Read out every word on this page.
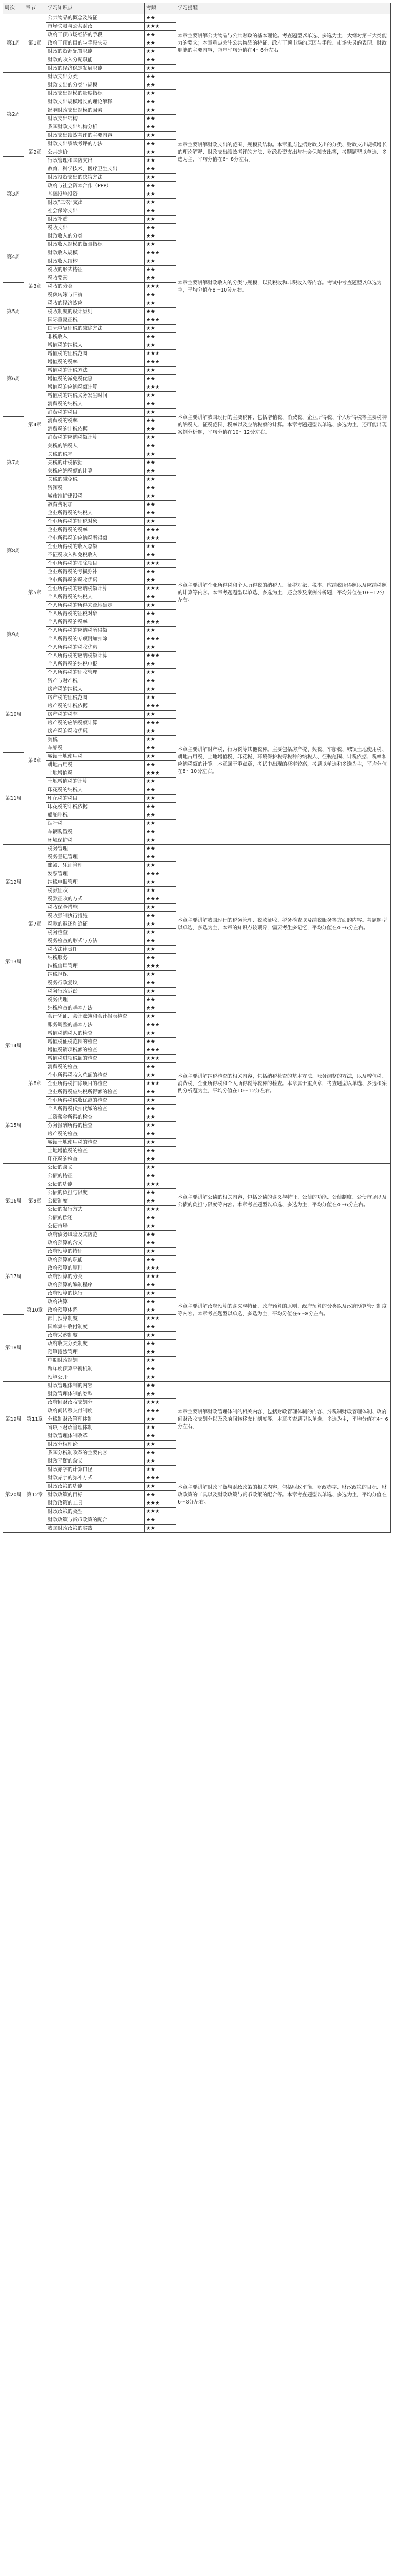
周次	章节	学习知识点	考频	学习提醒
第1周	第1章	公共物品的概念及特征	★★	本章主要讲解公共物品与公共财政的基本理论。考查题型以单选、多选为主，大纲对第三大类能力的要求；本章重点关注公共物品的特征、政府干预市场的原因与手段、市场失灵的表现、财政职能的主要内容，每年平均分值在4～6分左右。
		市场失灵与公共财政	★★★	
		政府干预市场经济的手段	★★	
		政府干预的目的与手段失灵	★★	
		财政的资源配置职能	★★	
		财政的收入分配职能	★★	
		财政的经济稳定发展职能	★★	
第2周	第2章	财政支出分类	★★	本章主要讲解财政支出的范围、规模及结构。本章重点包括财政支出的分类、财政支出规模增长的理论解释、财政支出绩效考评的方法、财政投资支出与社会保障支出等，考题题型以单选、多选为主，平均分值在6～8分左右。
		财政支出的分类与规模	★★	
		财政支出规模的量度指标	★★	
		财政支出规模增长的理论解释	★★	
		影响财政支出规模的因素	★★	
		财政支出结构	★★	
		我国财政支出结构分析	★★	
		财政支出绩效考评的主要内容	★★	
		财政支出绩效考评的方法	★★	
		公共定价	★★	
第3周		行政管理和国防支出	★★	
		教育、科学技术、医疗卫生支出	★★	
		财政投资支出的决策方法	★★	
		政府与社会资本合作（PPP）	★★	
		基础设施投资	★★	
		财政“三农”支出	★★	
		社会保障支出	★★	
		财政补贴	★★	
		税收支出	★★	
第4周	第3章	财政收入的分类	★★	本章主要讲解财政收入的分类与规模，以及税收和非税收入等内容。考试中考查题型以单选为主，平均分值在8～10分左右。
		财政收入规模的衡量指标	★★	
		财政收入规模	★★★	
		财政收入结构	★★	
		税收的形式特征	★★	
		税收要素	★★	
第5周		税收的分类	★★★	
		税负转嫁与归宿	★★	
		税收的经济效应	★★	
		税收制度的设计原则	★★	
		国际重复征税	★★★	
		国际重复征税的减除方法	★★	
		非税收入	★★	
第6周	第4章	增值税的纳税人	★★	本章主要讲解我国现行的主要税种，包括增值税、消费税、企业所得税、个人所得税等主要税种的纳税人、征税范围、税率以及应纳税额的计算。本章考题题型以单选、多选为主，还可能出现案例分析题，平均分值在10～12分左右。
		增值税的征税范围	★★★	
		增值税的税率	★★★	
		增值税的计税方法	★★	
		增值税的减免税优惠	★★	
		增值税的应纳税额计算	★★★	
		增值税的纳税义务发生时间	★★	
		消费税的纳税人	★★	
		消费税的税目	★★	
第7周		消费税的税率	★★	
		消费税的计税依据	★★	
		消费税的应纳税额计算	★★	
		关税的纳税人	★★	
		关税的税率	★★	
		关税的计税依据	★★	
		关税应纳税额的计算	★★	
		关税的减免税	★★	
		资源税	★★	
		城市维护建设税	★★	
		教育费附加	★★	
第8周	第5章	企业所得税的纳税人	★★	本章主要讲解企业所得税和个人所得税的纳税人、征税对象、税率、应纳税所得额以及应纳税额的计算等内容。本章考题题型以单选、多选为主，还会涉及案例分析题，平均分值在10～12分左右。
		企业所得税的征税对象	★★	
		企业所得税的税率	★★★	
		企业所得税的应纳税所得额	★★★	
		企业所得税的收入总额	★★	
		不征税收入和免税收入	★★	
		企业所得税的扣除项目	★★★	
		企业所得税的亏损弥补	★★	
		企业所得税的税收优惠	★★	
		企业所得税的应纳税额计算	★★★	
第9周		个人所得税的纳税人	★★	
		个人所得税的所得来源地确定	★★	
		个人所得税的征税对象	★★	
		个人所得税的税率	★★★	
		个人所得税的应纳税所得额	★★	
		个人所得税的专项附加扣除	★★★	
		个人所得税的税收优惠	★★	
		个人所得税的应纳税额计算	★★★	
		个人所得税的纳税申报	★★	
		个人所得税的征收管理	★★	
第10周	第6章	资产与财产税	★★	本章主要讲解财产税、行为税等其他税种。主要包括房产税、契税、车船税、城镇土地使用税、耕地占用税、土地增值税、印花税、环境保护税等税种的纳税人、征税范围、计税依据、税率和应纳税额的计算。本章属于重点章，考试中出现的概率较高，考题以单选和多选为主，平均分值在8～10分左右。
		房产税的纳税人	★★	
		房产税的征税范围	★★	
		房产税的计税依据	★★★	
		房产税的税率	★★	
		房产税的应纳税额计算	★★★	
		房产税的税收优惠	★★	
		契税	★★	
		车船税	★★	
第11周		城镇土地使用税	★★	
		耕地占用税	★★	
		土地增值税	★★★	
		土地增值税的计算	★★	
		印花税的纳税人	★★	
		印花税的税目	★★	
		印花税的计税依据	★★	
		船舶吨税	★★	
		烟叶税	★★	
		车辆购置税	★★	
		环境保护税	★★	
第12周	第7章	税务管理	★★	本章主要讲解我国现行的税务管理、税款征收、税务检查以及纳税服务等方面的内容。考题题型以单选、多选为主，本章的知识点较琐碎，需要考生多记忆，平均分值在4～6分左右。
		税务登记管理	★★	
		账簿、凭证管理	★★	
		发票管理	★★★	
		纳税申报管理	★★	
		税款征收	★★	
		税款征收的方式	★★★	
		税收保全措施	★★	
		税收强制执行措施	★★	
第13周		税款的退还和追征	★★	
		税务检查	★★	
		税务检查的形式与方法	★★	
		税收法律责任	★★	
		纳税服务	★★	
		纳税信用管理	★★★	
		纳税担保	★★	
		税务行政复议	★★	
		税务行政诉讼	★★	
		税务代理	★★	
第14周	第8章	纳税检查的基本方法	★★	本章主要讲解纳税检查的相关内容，包括纳税检查的基本方法、账务调整的方法，以及增值税、消费税、企业所得税和个人所得税等税种的检查。本章属于重点章，考查题型以单选、多选和案例分析题为主，平均分值在10～12分左右。
		会计凭证、会计账簿和会计报表检查	★★	
		账务调整的基本方法	★★★	
		增值税纳税人的检查	★★	
		增值税征税范围的检查	★★	
		增值税销项税额的检查	★★★	
		增值税进项税额的检查	★★★	
		消费税的检查	★★	
		企业所得税收入总额的检查	★★	
		企业所得税扣除项目的检查	★★★	
第15周		企业所得税应纳税所得额的检查	★★	
		企业所得税税收优惠的检查	★★	
		个人所得税代扣代缴的检查	★★	
		工资薪金所得的检查	★★	
		劳务报酬所得的检查	★★	
		房产税的检查	★★	
		城镇土地使用税的检查	★★	
		土地增值税的检查	★★	
		印花税的检查	★★	
第16周	第9章	公债的含义	★★	本章主要讲解公债的相关内容，包括公债的含义与特征、公债的功能、公债制度、公债市场以及公债的负担与限度等内容。本章考查题型以单选、多选为主，平均分值在4～6分左右。
		公债的特征	★★	
		公债的功能	★★★	
		公债的负担与限度	★★	
		公债制度	★★	
		公债的发行方式	★★★	
		公债的偿还	★★	
		公债市场	★★	
		政府债务风险及其防范	★★	
第17周	第10章	政府预算的含义	★★	本章主要讲解政府预算的含义与特征、政府预算的原则、政府预算的分类以及政府预算管理制度等内容。本章考查题型以单选、多选为主，平均分值在6～8分左右。
		政府预算的特征	★★	
		政府预算的职能	★★	
		政府预算的原则	★★★	
		政府预算的分类	★★★	
		政府预算的编制程序	★★	
		政府预算的执行	★★	
		政府决算	★★	
		政府预算体系	★★	
第18周		部门预算制度	★★★	
		国库集中收付制度	★★	
		政府采购制度	★★	
		政府收支分类制度	★★	
		预算绩效管理	★★	
		中期财政规划	★★	
		跨年度预算平衡机制	★★	
		预算公开	★★	
第19周	第11章	财政管理体制的内容	★★	本章主要讲解财政管理体制的相关内容，包括财政管理体制的内容、分税制财政管理体制、政府间财政收支划分以及政府间转移支付制度等。本章考查题型以单选、多选为主，平均分值在4～6分左右。
		财政管理体制的类型	★★	
		政府间财政收支划分	★★★	
		政府间转移支付制度	★★★	
		分税制财政管理体制	★★	
		省以下财政管理体制	★★	
		财政管理体制改革	★★	
		财政分权理论	★★	
		我国分税制改革的主要内容	★★	
第20周	第12章	财政平衡的含义	★★	本章主要讲解财政平衡与财政政策的相关内容，包括财政平衡、财政赤字、财政政策的目标、财政政策的工具以及财政政策与货币政策的配合等。本章考查题型以单选、多选为主，平均分值在6～8分左右。
		财政赤字的计算口径	★★	
		财政赤字的弥补方式	★★★	
		财政政策的功能	★★	
		财政政策的目标	★★	
		财政政策的工具	★★★	
		财政政策的类型	★★★	
		财政政策与货币政策的配合	★★	
		我国财政政策的实践	★★	
